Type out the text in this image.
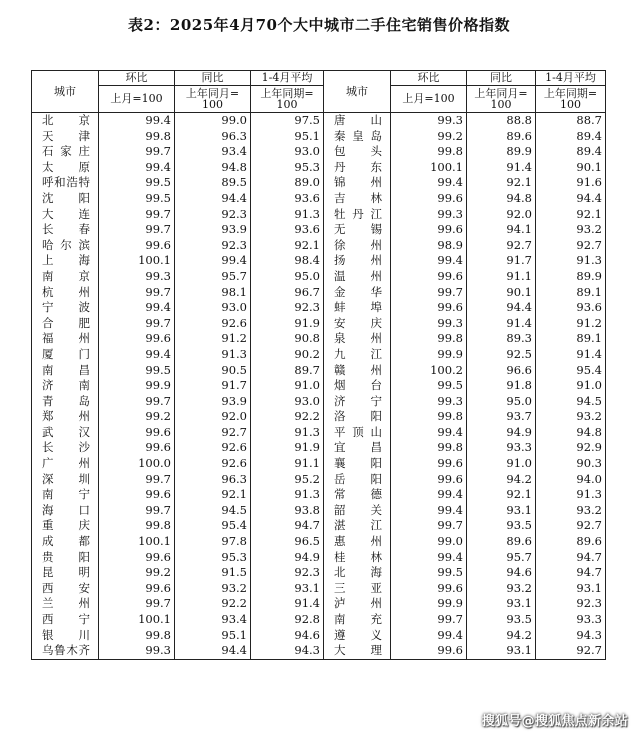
表2：2025年4月70个大中城市二手住宅销售价格指数
城市	环比	同比	1-4月平均	城市	环比	同比	1-4月平均
	上月=100	上年同月=100	上年同期=100		上月=100	上年同月=100	上年同期=100

北京	99.4	99.0	97.5	唐山	99.3	88.8	88.7
天津	99.8	96.3	95.1	秦皇岛	99.2	89.6	89.4
石家庄	99.7	93.4	93.0	包头	99.8	89.9	89.4
太原	99.4	94.8	95.3	丹东	100.1	91.4	90.1
呼和浩特	99.5	89.5	89.0	锦州	99.4	92.1	91.6
沈阳	99.5	94.4	93.6	吉林	99.6	94.8	94.4
大连	99.7	92.3	91.3	牡丹江	99.3	92.0	92.1
长春	99.7	93.9	93.6	无锡	99.6	94.1	93.2
哈尔滨	99.6	92.3	92.1	徐州	98.9	92.7	92.7
上海	100.1	99.4	98.4	扬州	99.4	91.7	91.3
南京	99.3	95.7	95.0	温州	99.6	91.1	89.9
杭州	99.7	98.1	96.7	金华	99.7	90.1	89.1
宁波	99.4	93.0	92.3	蚌埠	99.6	94.4	93.6
合肥	99.7	92.6	91.9	安庆	99.3	91.4	91.2
福州	99.6	91.2	90.8	泉州	99.8	89.3	89.1
厦门	99.4	91.3	90.2	九江	99.9	92.5	91.4
南昌	99.5	90.5	89.7	赣州	100.2	96.6	95.4
济南	99.9	91.7	91.0	烟台	99.5	91.8	91.0
青岛	99.7	93.9	93.0	济宁	99.3	95.0	94.5
郑州	99.2	92.0	92.2	洛阳	99.8	93.7	93.2
武汉	99.6	92.7	91.3	平顶山	99.4	94.9	94.8
长沙	99.6	92.6	91.9	宜昌	99.8	93.3	92.9
广州	100.0	92.6	91.1	襄阳	99.6	91.0	90.3
深圳	99.7	96.3	95.2	岳阳	99.6	94.2	94.0
南宁	99.6	92.1	91.3	常德	99.4	92.1	91.3
海口	99.7	94.5	93.8	韶关	99.4	93.1	93.2
重庆	99.8	95.4	94.7	湛江	99.7	93.5	92.7
成都	100.1	97.8	96.5	惠州	99.0	89.6	89.6
贵阳	99.6	95.3	94.9	桂林	99.4	95.7	94.7
昆明	99.2	91.5	92.3	北海	99.5	94.6	94.7
西安	99.6	93.2	93.1	三亚	99.6	93.2	93.1
兰州	99.7	92.2	91.4	泸州	99.9	93.1	92.3
西宁	100.1	93.4	92.8	南充	99.7	93.5	93.3
银川	99.8	95.1	94.6	遵义	99.4	94.2	94.3
乌鲁木齐	99.3	94.4	94.3	大理	99.6	93.1	92.7
搜狐号@搜狐焦点新余站
